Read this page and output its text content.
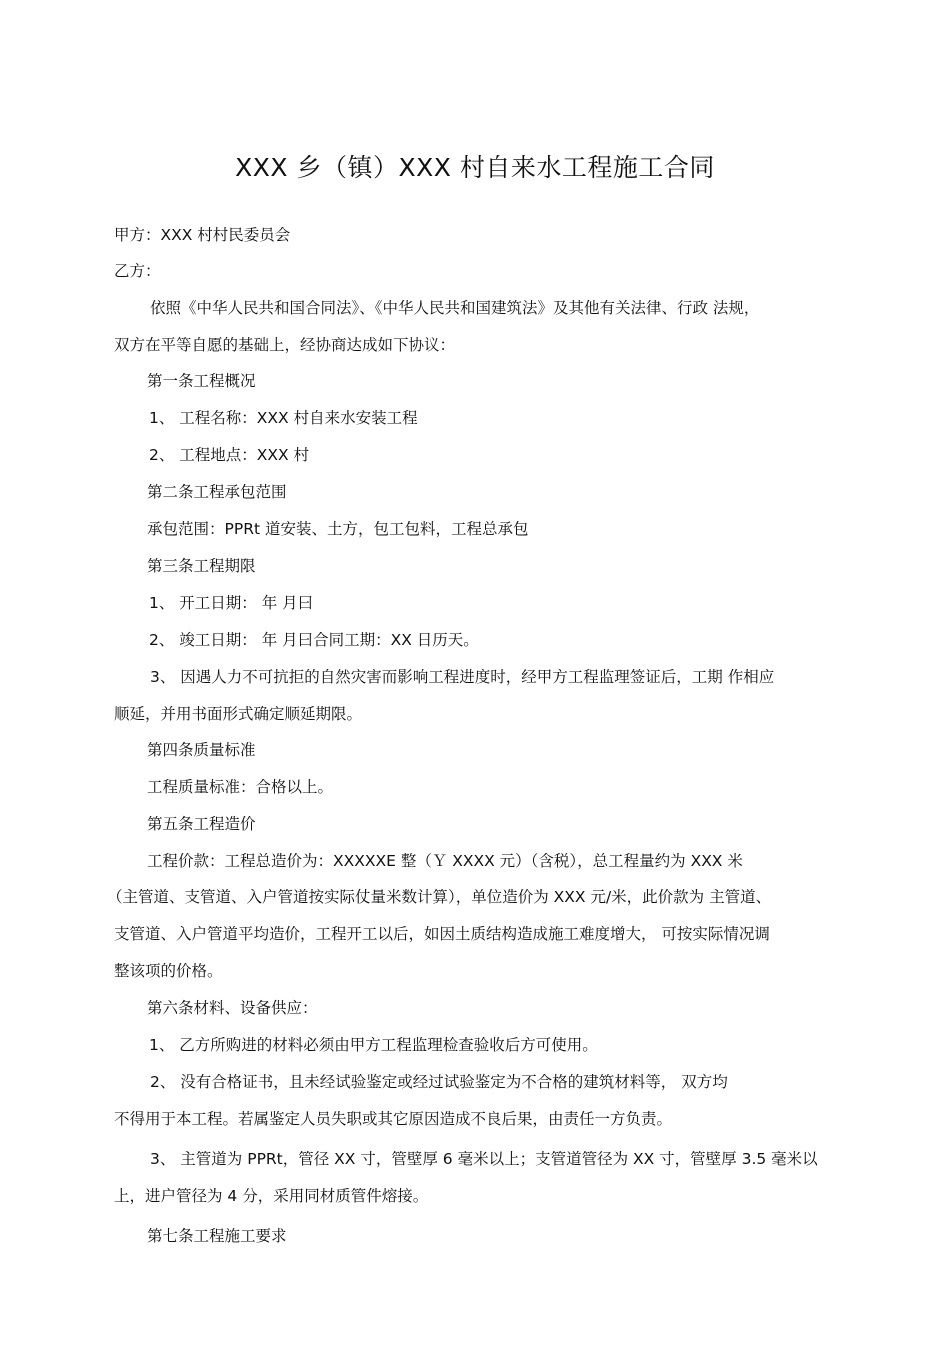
XXX 乡（镇）XXX 村自来水工程施工合同
甲方：XXX 村村民委员会
乙方：
依照《中华人民共和国合同法》、《中华人民共和国建筑法》及其他有关法律、行政 法规，
双方在平等自愿的基础上，经协商达成如下协议：
第一条工程概况
1、 工程名称：XXX 村自来水安装工程
2、 工程地点：XXX 村
第二条工程承包范围
承包范围：PPRt 道安装、土方，包工包料，工程总承包
第三条工程期限
1、 开工日期： 年 月曰
2、 竣工日期： 年 月曰合同工期：XX 日历天。
3、 因遇人力不可抗拒的自然灾害而影响工程进度时，经甲方工程监理签证后，工期 作相应
顺延，并用书面形式确定顺延期限。
第四条质量标准
工程质量标准：合格以上。
第五条工程造价
工程价款：工程总造价为：XXXXXE 整（Ｙ XXXX 元）（含税），总工程量约为 XXX 米
（主管道、支管道、入户管道按实际仗量米数计算），单位造价为 XXX 元/米，此价款为 主管道、
支管道、入户管道平均造价，工程开工以后，如因土质结构造成施工难度增大， 可按实际情况调
整该项的价格。
第六条材料、设备供应：
1、 乙方所购进的材料必须由甲方工程监理检查验收后方可使用。
2、 没有合格证书，且未经试验鉴定或经过试验鉴定为不合格的建筑材料等， 双方均
不得用于本工程。若属鉴定人员失职或其它原因造成不良后果，由责任一方负责。
3、 主管道为 PPRt，管径 XX 寸，管壁厚 6 毫米以上；支管道管径为 XX 寸，管壁厚 3.5 毫米以
上，进户管径为 4 分，采用同材质管件熔接。
第七条工程施工要求
